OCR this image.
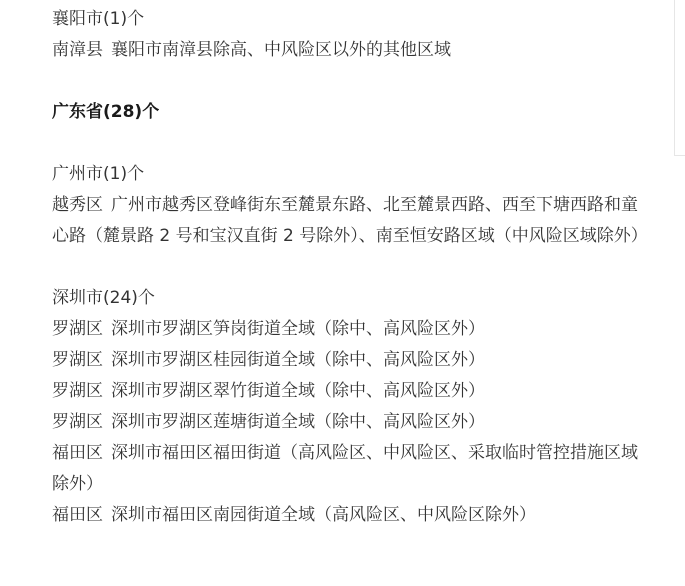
襄阳市(1)个
南漳县 襄阳市南漳县除高、中风险区以外的其他区域
广东省(28)个
广州市(1)个
越秀区 广州市越秀区登峰街东至麓景东路、北至麓景西路、西至下塘西路和童心路（麓景路 2 号和宝汉直街 2 号除外）、南至恒安路区域（中风险区域除外）
深圳市(24)个
罗湖区 深圳市罗湖区笋岗街道全域（除中、高风险区外）
罗湖区 深圳市罗湖区桂园街道全域（除中、高风险区外）
罗湖区 深圳市罗湖区翠竹街道全域（除中、高风险区外）
罗湖区 深圳市罗湖区莲塘街道全域（除中、高风险区外）
福田区 深圳市福田区福田街道（高风险区、中风险区、采取临时管控措施区域除外）
福田区 深圳市福田区南园街道全域（高风险区、中风险区除外）
